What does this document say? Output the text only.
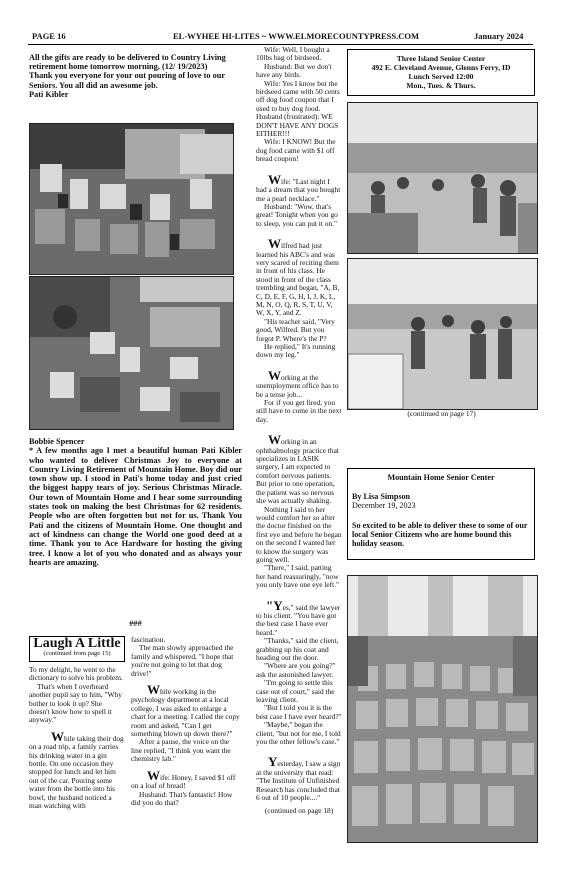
PAGE 16	EL-WYHEE HI-LITES ~ WWW.ELMORECOUNTYPRESS.COM	January 2024

All the gifts are ready to be delivered to Country Living retirement home tomorrow morning, (12/ 19/2023)

Thank you everyone for your out pouring of love to our Seniors. You all did an awesome job.

Pati Kibler

Bobbie Spencer

* A few months ago I met a beautiful human Pati Kibler who wanted to deliver Christmas Joy to everyone at Country Living Retirement of Mountain Home. Boy did our town show up. I stood in Pati's home today and just cried the biggest happy tears of joy. Serious Christmas Miracle. Our town of Mountain Home and I hear some surrounding states took on making the best Christmas for 62 residents. People who are often forgotten but not for us. Thank You Pati and the citizens of Mountain Home. One thought and act of kindness can change the World one good deed at a time. Thank you to Ace Hardware for hosting the giving tree. I know a lot of you who donated and as always your hearts are amazing.

###
Laugh A Little
(continued from page 15)

To my delight, he went to the dictionary to solve his problem.

That's when I overheard another pupil say to him, "Why bother to look it up? She doesn't know how to spell it anyway."

While taking their dog on a road trip, a family carries his drinking water in a gin bottle. On one occasion they stopped for lunch and let him out of the car. Pouring some water from the bottle into his bowl, the husband noticed a man watching with

fascination.

The man slowly approached the family and whispered, "I hope that you're not going to let that dog drive!"

While working in the psychology department at a local college, I was asked to enlarge a chart for a meeting. I called the copy room and asked, "Can I get something blown up down there?"

After a pause, the voice on the line replied, "I think you want the chemistry lab."

Wife: Honey, I saved $1 off on a loaf of bread!

Husband: That's fantastic! How did you do that?

Wife: Well, I bought a 10lbs bag of birdseed.

Husband: But we don't have any birds.

Wife: Yes I know but the birdseed came with 50 cents off dog food coupon that I used to buy dog food.

Husband (frustrated): WE DON'T HAVE ANY DOGS EITHER!!!

Wife: I KNOW! But the dog food came with $1 off bread coupon!

Wife: "Last night I had a dream that you bought me a pearl necklace."

Husband: "Wow, that's great! Tonight when you go to sleep, you can put it on."

Wilfred had just learned his ABC's and was very scared of reciting them in front of his class. He stood in front of the class trembling and began, "A, B, C, D, E, F, G, H, I, J, K, L, M, N, O, Q, R, S, T, U, V, W, X, Y, and Z.

"His teacher said, "Very good, Wilfred. But you forgot P. Where's the P?

He replied," It's running down my leg."

Working at the unemployment office has to be a tense job...

For if you get fired, you still have to come in the next day.

Working in an ophthalmology practice that specializes in LASIK surgery, I am expected to comfort nervous patients. But prior to one operation, the patient was so nervous she was actually shaking.

Nothing I said to her would comfort her so after the doctor finished on the first eye and before he began on the second I wanted her to know the surgery was going well.

"There," I said, patting her hand reassuringly, "now you only have one eye left."

"Yes," said the lawyer to his client. "You have got the best case I have ever heard."

"Thanks," said the client, grabbing up his coat and heading out the door.

"Where are you going?" ask the astonished lawyer.

"I'm going to settle this case out of court," said the leaving client.

"But I told you it is the best case I have ever heard?"

"Maybe," began the client, "but not for me, I told you the other fellow's case."

Yesterday, I saw a sign at the university that read: "The Institute of Unfinished Research has concluded that 6 out of 10 people...."

(continued on page 18)

Three Island Senior Center
492 E. Cleveland Avenue, Glenns Ferry, ID
Lunch Served 12:00
Mon., Tues. & Thurs.
(continued on page 17)
Mountain Home Senior Center
By Lisa Simpson
December 19, 2023
So excited to be able to deliver these to some of our local Senior Citizens who are home bound this holiday season.
